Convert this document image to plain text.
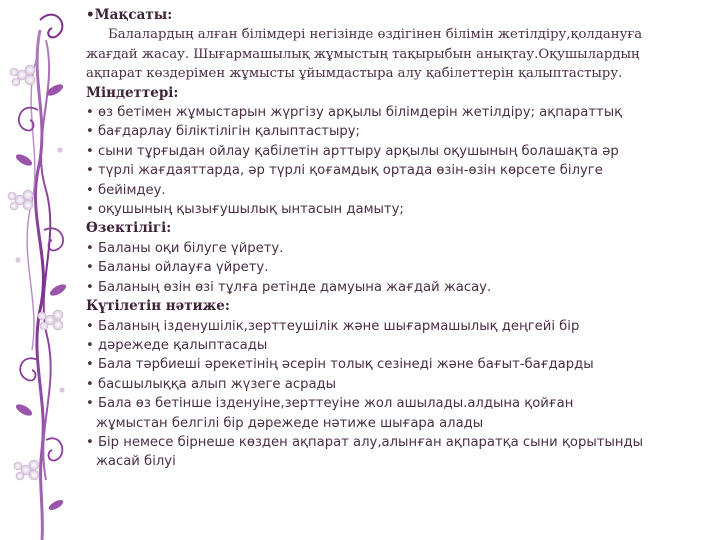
•Мақсаты:
Балалардың алған білімдері негізінде өздігінен білімін жетілдіру,қолдануға
жағдай жасау. Шығармашылық жұмыстың тақырыбын анықтау.Оқушылардың
ақпарат көздерімен жұмысты ұйымдастыра алу қабілеттерін қалыптастыру.
Міндеттері:
• өз бетімен жұмыстарын жүргізу арқылы білімдерін жетілдіру; ақпараттық
• бағдарлау біліктілігін қалыптастыру;
• сыни тұрғыдан ойлау қабілетін арттыру арқылы оқушының болашақта әр
• түрлі жағдаяттарда, әр түрлі қоғамдық ортада өзін-өзін көрсете білуге
• бейімдеу.
• оқушының қызығушылық ынтасын дамыту;
Өзектілігі:
• Баланы оқи білуге үйрету.
• Баланы ойлауға үйрету.
• Баланың өзін өзі тұлға ретінде дамуына жағдай жасау.
Күтілетін нәтиже:
• Баланың ізденушілік,зерттеушілік және шығармашылық деңгейі бір
• дәрежеде қалыптасады
• Бала тәрбиеші әрекетінің әсерін толық сезінеді және бағыт-бағдарды
• басшылыққа алып жүзеге асрады
• Бала өз бетінше ізденуіне,зерттеуіне жол ашылады.алдына қойған
жұмыстан белгілі бір дәрежеде нәтиже шығара алады
• Бір немесе бірнеше көзден ақпарат алу,алынған ақпаратқа сыни қорытынды
жасай білуі
